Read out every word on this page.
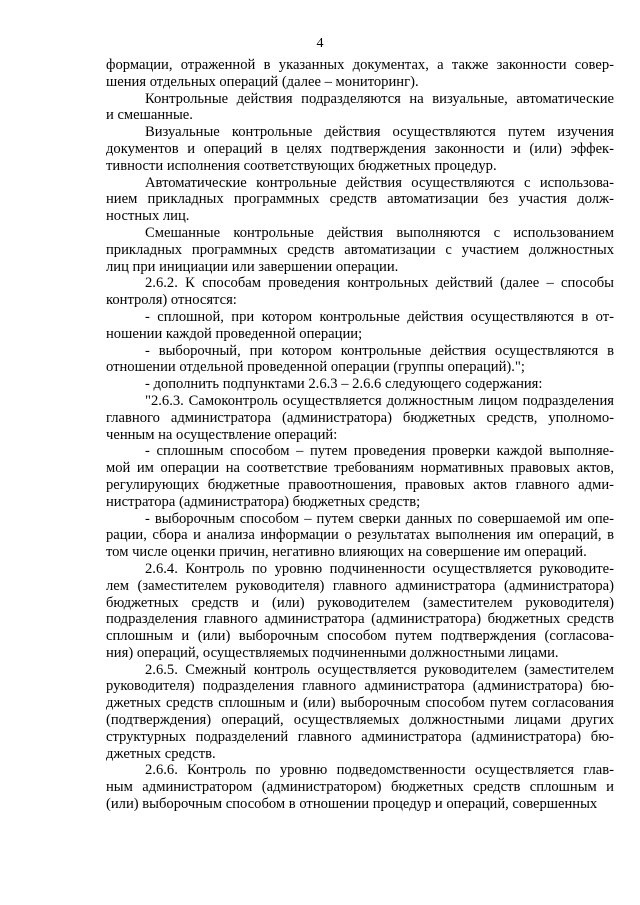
4
формации, отраженной в указанных документах, а также законности совер-
шения отдельных операций (далее – мониторинг).
Контрольные действия подразделяются на визуальные, автоматические
и смешанные.
Визуальные контрольные действия осуществляются путем изучения
документов и операций в целях подтверждения законности и (или) эффек-
тивности исполнения соответствующих бюджетных процедур.
Автоматические контрольные действия осуществляются с использова-
нием прикладных программных средств автоматизации без участия долж-
ностных лиц.
Смешанные контрольные действия выполняются с использованием
прикладных программных средств автоматизации с участием должностных
лиц при инициации или завершении операции.
2.6.2. К способам проведения контрольных действий (далее – способы
контроля) относятся:
- сплошной, при котором контрольные действия осуществляются в от-
ношении каждой проведенной операции;
- выборочный, при котором контрольные действия осуществляются в
отношении отдельной проведенной операции (группы операций).";
- дополнить подпунктами 2.6.3 – 2.6.6 следующего содержания:
"2.6.3. Самоконтроль осуществляется должностным лицом подразделения
главного администратора (администратора) бюджетных средств, уполномо-
ченным на осуществление операций:
- сплошным способом – путем проведения проверки каждой выполняе-
мой им операции на соответствие требованиям нормативных правовых актов,
регулирующих бюджетные правоотношения, правовых актов главного адми-
нистратора (администратора) бюджетных средств;
- выборочным способом – путем сверки данных по совершаемой им опе-
рации, сбора и анализа информации о результатах выполнения им операций, в
том числе оценки причин, негативно влияющих на совершение им операций.
2.6.4. Контроль по уровню подчиненности осуществляется руководите-
лем (заместителем руководителя) главного администратора (администратора)
бюджетных средств и (или) руководителем (заместителем руководителя)
подразделения главного администратора (администратора) бюджетных средств
сплошным и (или) выборочным способом путем подтверждения (согласова-
ния) операций, осуществляемых подчиненными должностными лицами.
2.6.5. Смежный контроль осуществляется руководителем (заместителем
руководителя) подразделения главного администратора (администратора) бю-
джетных средств сплошным и (или) выборочным способом путем согласования
(подтверждения) операций, осуществляемых должностными лицами других
структурных подразделений главного администратора (администратора) бю-
джетных средств.
2.6.6. Контроль по уровню подведомственности осуществляется глав-
ным администратором (администратором) бюджетных средств сплошным и
(или) выборочным способом в отношении процедур и операций, совершенных
